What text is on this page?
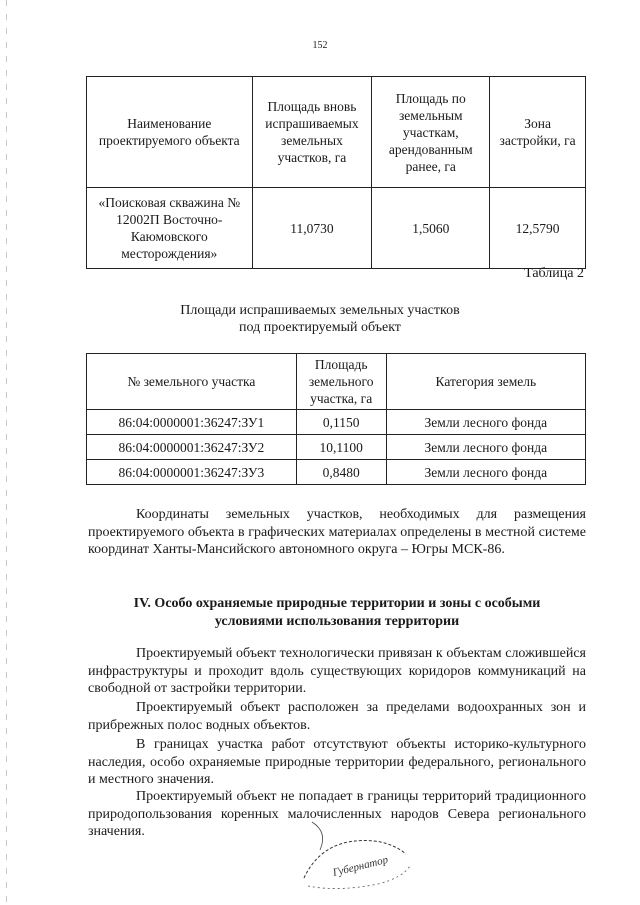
152
Наименование проектируемого объекта	Площадь вновь испрашиваемых земельных участков, га	Площадь по земельным участкам, арендованным ранее, га	Зона застройки, га
«Поисковая скважина № 12002П Восточно-Каюмовского месторождения»	11,0730	1,5060	12,5790
Таблица 2
Площади испрашиваемых земельных участков
под проектируемый объект
№ земельного участка	Площадь земельного участка, га	Категория земель
86:04:0000001:36247:ЗУ1	0,1150	Земли лесного фонда
86:04:0000001:36247:ЗУ2	10,1100	Земли лесного фонда
86:04:0000001:36247:ЗУ3	0,8480	Земли лесного фонда

Координаты земельных участков, необходимых для размещения проектируемого объекта в графических материалах определены в местной системе координат Ханты-Мансийского автономного округа – Югры МСК-86.

IV. Особо охраняемые природные территории и зоны с особыми
условиями использования территории

Проектируемый объект технологически привязан к объектам сложившейся инфраструктуры и проходит вдоль существующих коридоров коммуникаций на свободной от застройки территории.

Проектируемый объект расположен за пределами водоохранных зон и прибрежных полос водных объектов.

В границах участка работ отсутствуют объекты историко-культурного наследия, особо охраняемые природные территории федерального, регионального и местного значения.

Проектируемый объект не попадает в границы территорий традиционного природопользования коренных малочисленных народов Севера регионального значения.

Губернатор
